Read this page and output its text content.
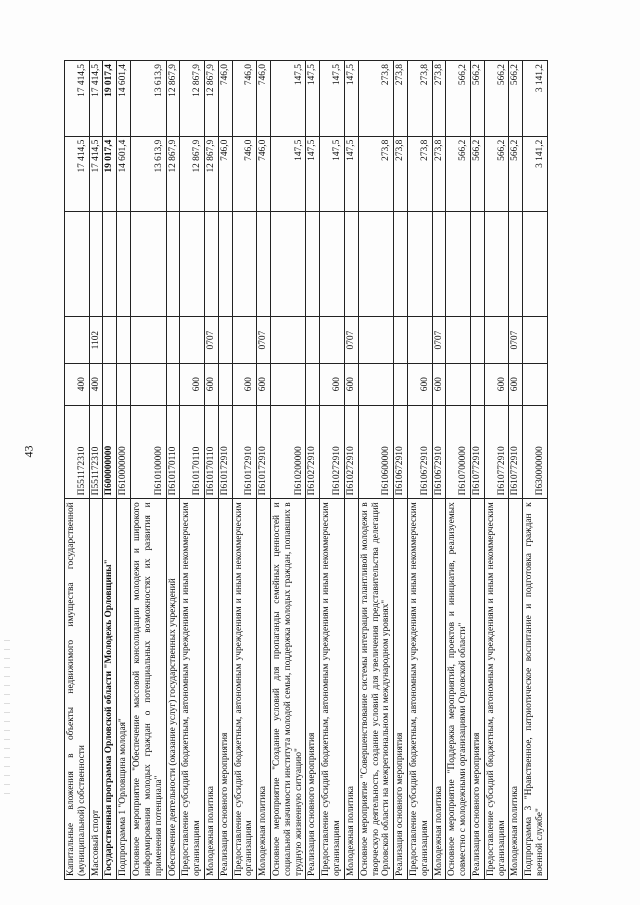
43
Капитальные вложения в объекты недвижимого имущества государственной (муниципальной) собственности	П551172310	400			17 414,5	17 414,5
Массовый спорт	П551172310	400	1102		17 414,5	17 414,5
Государственная программа Орловской области "Молодежь Орловщины"	П600000000				19 017,4	19 017,4
Подпрограмма 1 "Орловщина молодая"	П610000000				14 601,4	14 601,4
Основное мероприятие "Обеспечение массовой консолидации молодежи и широкого информирования молодых граждан о потенциальных возможностях их развития и применения потенциала"	П610100000				13 613,9	13 613,9
Обеспечение деятельности (оказание услуг) государственных учреждений	П610170110				12 867,9	12 867,9
Предоставление субсидий бюджетным, автономным учреждениям и иным некоммерческим организациям	П610170110	600			12 867,9	12 867,9
Молодежная политика	П610170110	600	0707		12 867,9	12 867,9
Реализация основного мероприятия	П610172910				746,0	746,0
Предоставление субсидий бюджетным, автономным учреждениям и иным некоммерческим организациям	П610172910	600			746,0	746,0
Молодежная политика	П610172910	600	0707		746,0	746,0
Основное мероприятие "Создание условий для пропаганды семейных ценностей и социальной значимости института молодой семьи, поддержка молодых граждан, попавших в трудную жизненную ситуацию"	П610200000				147,5	147,5
Реализация основного мероприятия	П610272910				147,5	147,5
Предоставление субсидий бюджетным, автономным учреждениям и иным некоммерческим организациям	П610272910	600			147,5	147,5
Молодежная политика	П610272910	600	0707		147,5	147,5
Основное мероприятие "Совершенствование системы интеграции талантливой молодежи в творческую деятельность, создание условий для увеличения представительства делегаций Орловской области на межрегиональном и международном уровнях"	П610600000				273,8	273,8
Реализация основного мероприятия	П610672910				273,8	273,8
Предоставление субсидий бюджетным, автономным учреждениям и иным некоммерческим организациям	П610672910	600			273,8	273,8
Молодежная политика	П610672910	600	0707		273,8	273,8
Основное мероприятие "Поддержка мероприятий, проектов и инициатив, реализуемых совместно с молодежными организациями Орловской области"	П610700000				566,2	566,2
Реализация основного мероприятия	П610772910				566,2	566,2
Предоставление субсидий бюджетным, автономным учреждениям и иным некоммерческим организациям	П610772910	600			566,2	566,2
Молодежная политика	П610772910	600	0707		566,2	566,2
Подпрограмма 3 "Нравственное, патриотическое воспитание и подготовка граждан к военной службе"	П630000000				3 141,2	3 141,2
